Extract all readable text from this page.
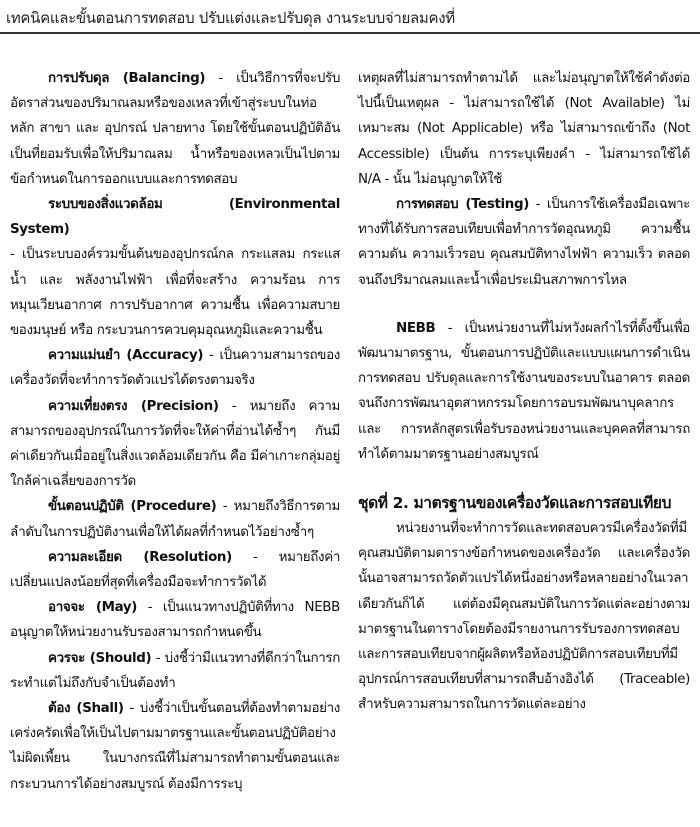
เทคนิคและขั้นตอนการทดสอบ ปรับแต่งและปรับดุล งานระบบจ่ายลมคงที่

การปรับดุล (Balancing) - เป็นวิธีการที่จะปรับอัตราส่วนของปริมาณลมหรือของเหลวที่เข้าสู่ระบบในท่อหลัก สาขา และ อุปกรณ์ ปลายทาง โดยใช้ขั้นตอนปฏิบัติอันเป็นที่ยอมรับเพื่อให้ปริมาณลม น้ำหรือของเหลวเป็นไปตามข้อกำหนดในการออกแบบและการทดสอบ

ระบบของสิ่งแวดล้อม (Environmental System)
- เป็นระบบองค์รวมขั้นต้นของอุปกรณ์กล กระแสลม กระแสน้ำ และ พลังงานไฟฟ้า เพื่อที่จะสร้าง ความร้อน การหมุนเวียนอากาศ การปรับอากาศ ความชื้น เพื่อความสบายของมนุษย์ หรือ กระบวนการควบคุมอุณหภูมิและความชื้น

ความแม่นยำ (Accuracy) - เป็นความสามารถของเครื่องวัดที่จะทำการวัดตัวแปรได้ตรงตามจริง

ความเที่ยงตรง (Precision) - หมายถึง ความสามารถของอุปกรณ์ในการวัดที่จะให้ค่าที่อ่านได้ซ้ำๆ กันมีค่าเดียวกันเมื่ออยู่ในสิ่งแวดล้อมเดียวกัน คือ มีค่าเกาะกลุ่มอยู่ใกล้ค่าเฉลี่ยของการวัด

ขั้นตอนปฏิบัติ (Procedure) - หมายถึงวิธีการตามลำดับในการปฏิบัติงานเพื่อให้ได้ผลที่กำหนดไว้อย่างซ้ำๆ

ความละเอียด (Resolution) - หมายถึงค่าเปลี่ยนแปลงน้อยที่สุดที่เครื่องมือจะทำการวัดได้

อาจจะ (May) - เป็นแนวทางปฏิบัติที่ทาง NEBB อนุญาตให้หน่วยงานรับรองสามารถกำหนดขึ้น

ควรจะ (Should) - บ่งชี้ว่ามีแนวทางที่ดีกว่าในการกระทำแต่ไม่ถึงกับจำเป็นต้องทำ

ต้อง (Shall) - บ่งชี้ว่าเป็นขั้นตอนที่ต้องทำตามอย่างเคร่งครัดเพื่อให้เป็นไปตามมาตรฐานและขั้นตอนปฏิบัติอย่างไม่ผิดเพี้ยน ในบางกรณีที่ไม่สามารถทำตามขั้นตอนและกระบวนการได้อย่างสมบูรณ์ ต้องมีการระบุ

เหตุผลที่ไม่สามารถทำตามได้ และไม่อนุญาตให้ใช้คำดังต่อไปนี้เป็นเหตุผล - ไม่สามารถใช้ได้ (Not Available) ไม่เหมาะสม (Not Applicable) หรือ ไม่สามารถเข้าถึง (Not Accessible) เป็นต้น การระบุเพียงคำ - ไม่สามารถใช้ได้ N/A - นั้น ไม่อนุญาตให้ใช้

การทดสอบ (Testing) - เป็นการใช้เครื่องมือเฉพาะทางที่ได้รับการสอบเทียบเพื่อทำการวัดอุณหภูมิ ความชื้น ความดัน ความเร็วรอบ คุณสมบัติทางไฟฟ้า ความเร็ว ตลอดจนถึงปริมาณลมและน้ำเพื่อประเมินสภาพการไหล

NEBB - เป็นหน่วยงานที่ไม่หวังผลกำไรที่ตั้งขึ้นเพื่อพัฒนามาตรฐาน, ขั้นตอนการปฏิบัติและแบบแผนการดำเนินการทดสอบ ปรับดุลและการใช้งานของระบบในอาคาร ตลอดจนถึงการพัฒนาอุตสาหกรรมโดยการอบรมพัฒนาบุคลากร และ การหลักสูตรเพื่อรับรองหน่วยงานและบุคคลที่สามารถทำได้ตามมาตรฐานอย่างสมบูรณ์

ชุดที่ 2. มาตรฐานของเครื่องวัดและการสอบเทียบ

หน่วยงานที่จะทำการวัดและทดสอบควรมีเครื่องวัดที่มีคุณสมบัติตามตารางข้อกำหนดของเครื่องวัด และเครื่องวัดนั้นอาจสามารถวัดตัวแปรได้หนึ่งอย่างหรือหลายอย่างในเวลาเดียวกันก็ได้ แต่ต้องมีคุณสมบัติในการวัดแต่ละอย่างตามมาตรฐานในตารางโดยต้องมีรายงานการรับรองการทดสอบและการสอบเทียบจากผู้ผลิตหรือห้องปฏิบัติการสอบเทียบที่มีอุปกรณ์การสอบเทียบที่สามารถสืบอ้างอิงได้ (Traceable) สำหรับความสามารถในการวัดแต่ละอย่าง
